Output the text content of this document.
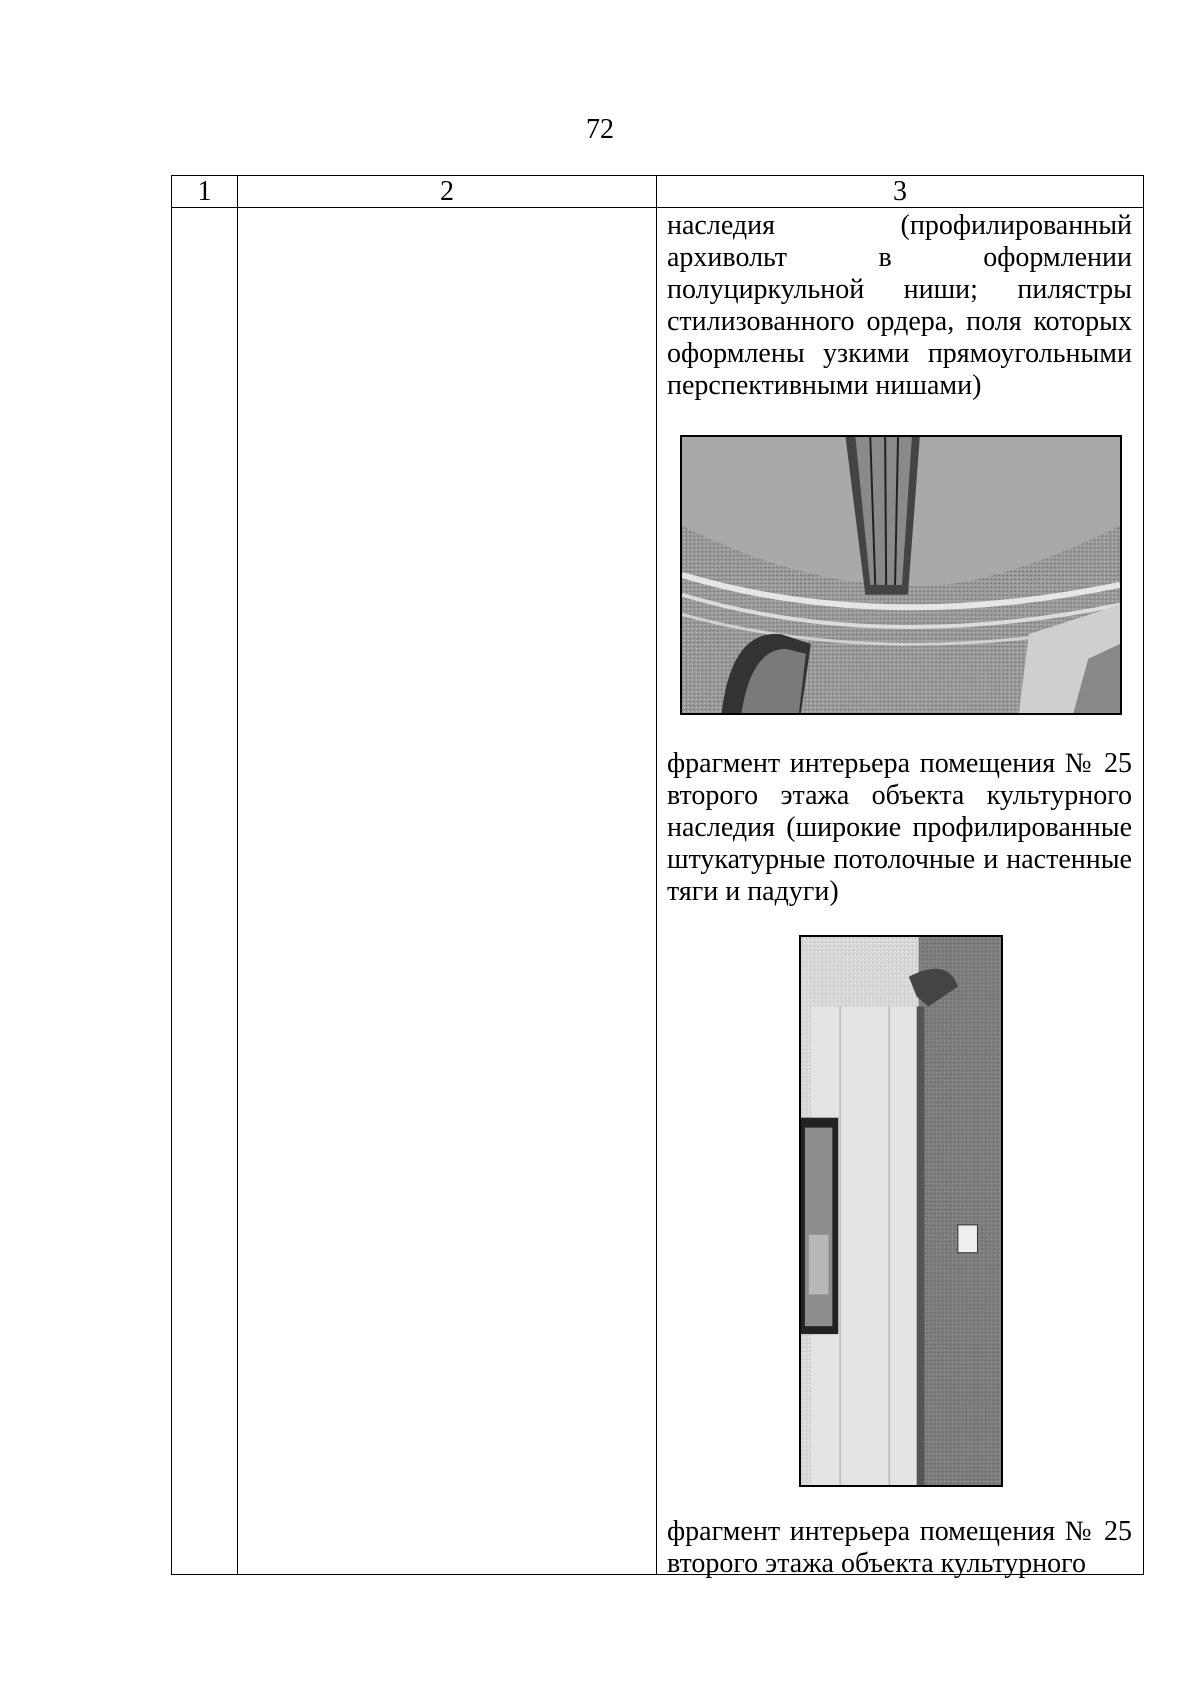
72
1	2	3

		наследия (профилированный архивольт в оформлении полуциркульной ниши; пилястры стилизованного ордера, поля которых оформлены узкими прямоугольными перспективными нишами)
фрагмент интерьера помещения № 25 второго этажа объекта культурного наследия (широкие профилированные штукатурные потолочные и настенные тяги и падуги)
фрагмент интерьера помещения № 25 второго этажа объекта культурного
